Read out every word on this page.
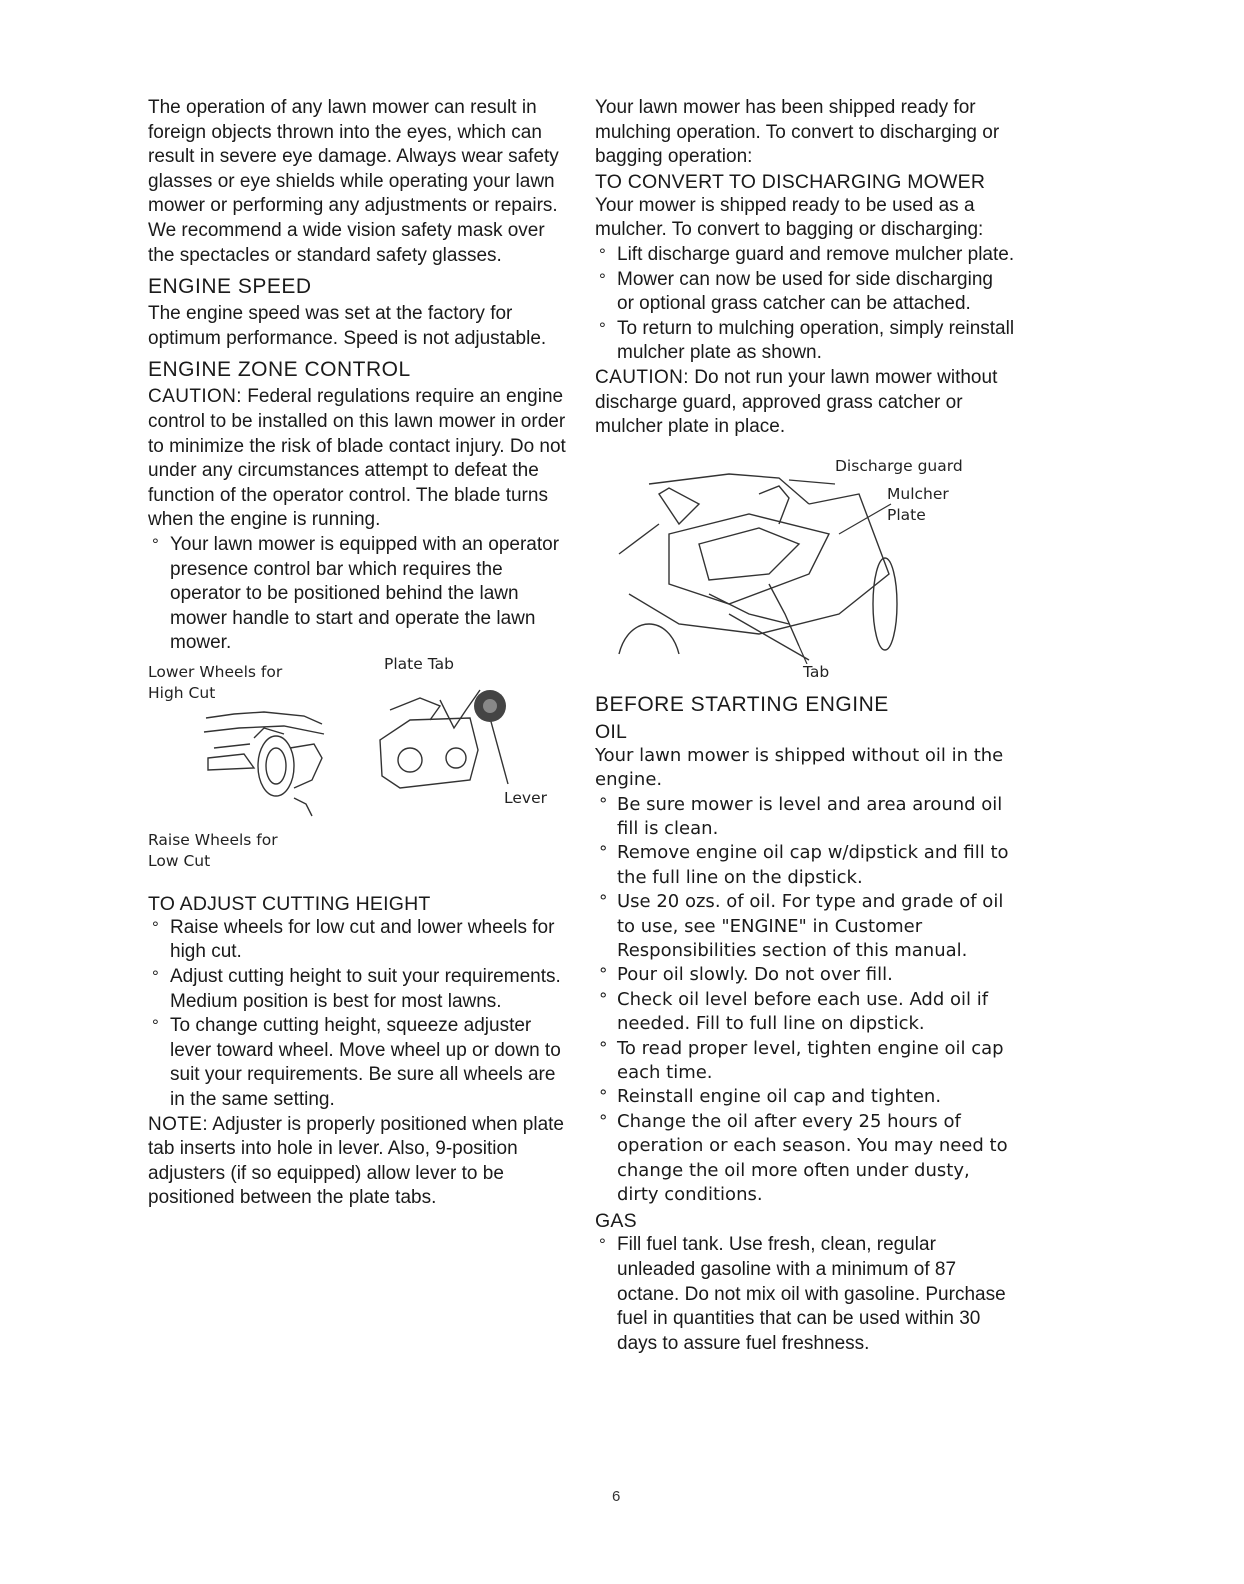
The operation of any lawn mower can result in foreign objects thrown into the eyes, which can result in severe eye damage. Always wear safety glasses or eye shields while operating your lawn mower or performing any adjustments or repairs. We recommend a wide vision safety mask over the spectacles or standard safety glasses.

ENGINE SPEED

The engine speed was set at the factory for optimum performance. Speed is not adjustable.

ENGINE ZONE CONTROL

CAUTION: Federal regulations require an engine control to be installed on this lawn mower in order to minimize the risk of blade contact injury. Do not under any circumstances attempt to defeat the function of the operator control. The blade turns when the engine is running.

° Your lawn mower is equipped with an operator presence control bar which requires the operator to be positioned behind the lawn mower handle to start and operate the lawn mower.
Lower Wheels for High Cut
Plate Tab
Lever
Raise Wheels for Low Cut
TO ADJUST CUTTING HEIGHT
° Raise wheels for low cut and lower wheels for high cut.
° Adjust cutting height to suit your requirements. Medium position is best for most lawns.
° To change cutting height, squeeze adjuster lever toward wheel. Move wheel up or down to suit your requirements. Be sure all wheels are in the same setting.

NOTE: Adjuster is properly positioned when plate tab inserts into hole in lever. Also, 9-position adjusters (if so equipped) allow lever to be positioned between the plate tabs.

Your lawn mower has been shipped ready for mulching operation. To convert to discharging or bagging operation:

TO CONVERT TO DISCHARGING MOWER

Your mower is shipped ready to be used as a mulcher. To convert to bagging or discharging:

° Lift discharge guard and remove mulcher plate.
° Mower can now be used for side discharging or optional grass catcher can be attached.
° To return to mulching operation, simply reinstall mulcher plate as shown.

CAUTION: Do not run your lawn mower without discharge guard, approved grass catcher or mulcher plate in place.

Discharge guard
Mulcher Plate
Tab
BEFORE STARTING ENGINE
OIL

Your lawn mower is shipped without oil in the engine.

° Be sure mower is level and area around oil fill is clean.
° Remove engine oil cap w/dipstick and fill to the full line on the dipstick.
° Use 20 ozs. of oil. For type and grade of oil to use, see "ENGINE" in Customer Responsibilities section of this manual.
° Pour oil slowly. Do not over fill.
° Check oil level before each use. Add oil if needed. Fill to full line on dipstick.
° To read proper level, tighten engine oil cap each time.
° Reinstall engine oil cap and tighten.
° Change the oil after every 25 hours of operation or each season. You may need to change the oil more often under dusty, dirty conditions.
GAS
° Fill fuel tank. Use fresh, clean, regular unleaded gasoline with a minimum of 87 octane. Do not mix oil with gasoline. Purchase fuel in quantities that can be used within 30 days to assure fuel freshness.
6
